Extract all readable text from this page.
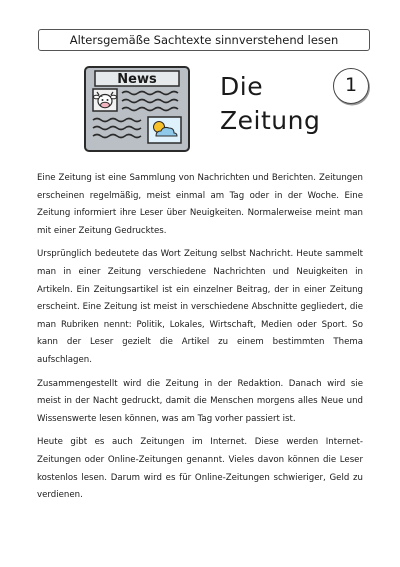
Altersgemäße Sachtexte sinnverstehend lesen
News	Die
Zeitung
1

Eine Zeitung ist eine Sammlung von Nachrichten und Berichten. Zeitungen erscheinen regelmäßig, meist einmal am Tag oder in der Woche. Eine Zeitung informiert ihre Leser über Neuigkeiten. Normalerweise meint man mit einer Zeitung Gedrucktes.

Ursprünglich bedeutete das Wort Zeitung selbst Nachricht. Heute sammelt man in einer Zeitung verschiedene Nachrichten und Neuigkeiten in Artikeln. Ein Zeitungsartikel ist ein einzelner Beitrag, der in einer Zeitung erscheint. Eine Zeitung ist meist in verschiedene Abschnitte gegliedert, die man Rubriken nennt: Politik, Lokales, Wirtschaft, Medien oder Sport. So kann der Leser gezielt die Artikel zu einem bestimmten Thema aufschlagen.

Zusammengestellt wird die Zeitung in der Redaktion. Danach wird sie meist in der Nacht gedruckt, damit die Menschen morgens alles Neue und Wissenswerte lesen können, was am Tag vorher passiert ist.

Heute gibt es auch Zeitungen im Internet. Diese werden Internet-Zeitungen oder Online-Zeitungen genannt. Vieles davon können die Leser kostenlos lesen. Darum wird es für Online-Zeitungen schwieriger, Geld zu verdienen.
